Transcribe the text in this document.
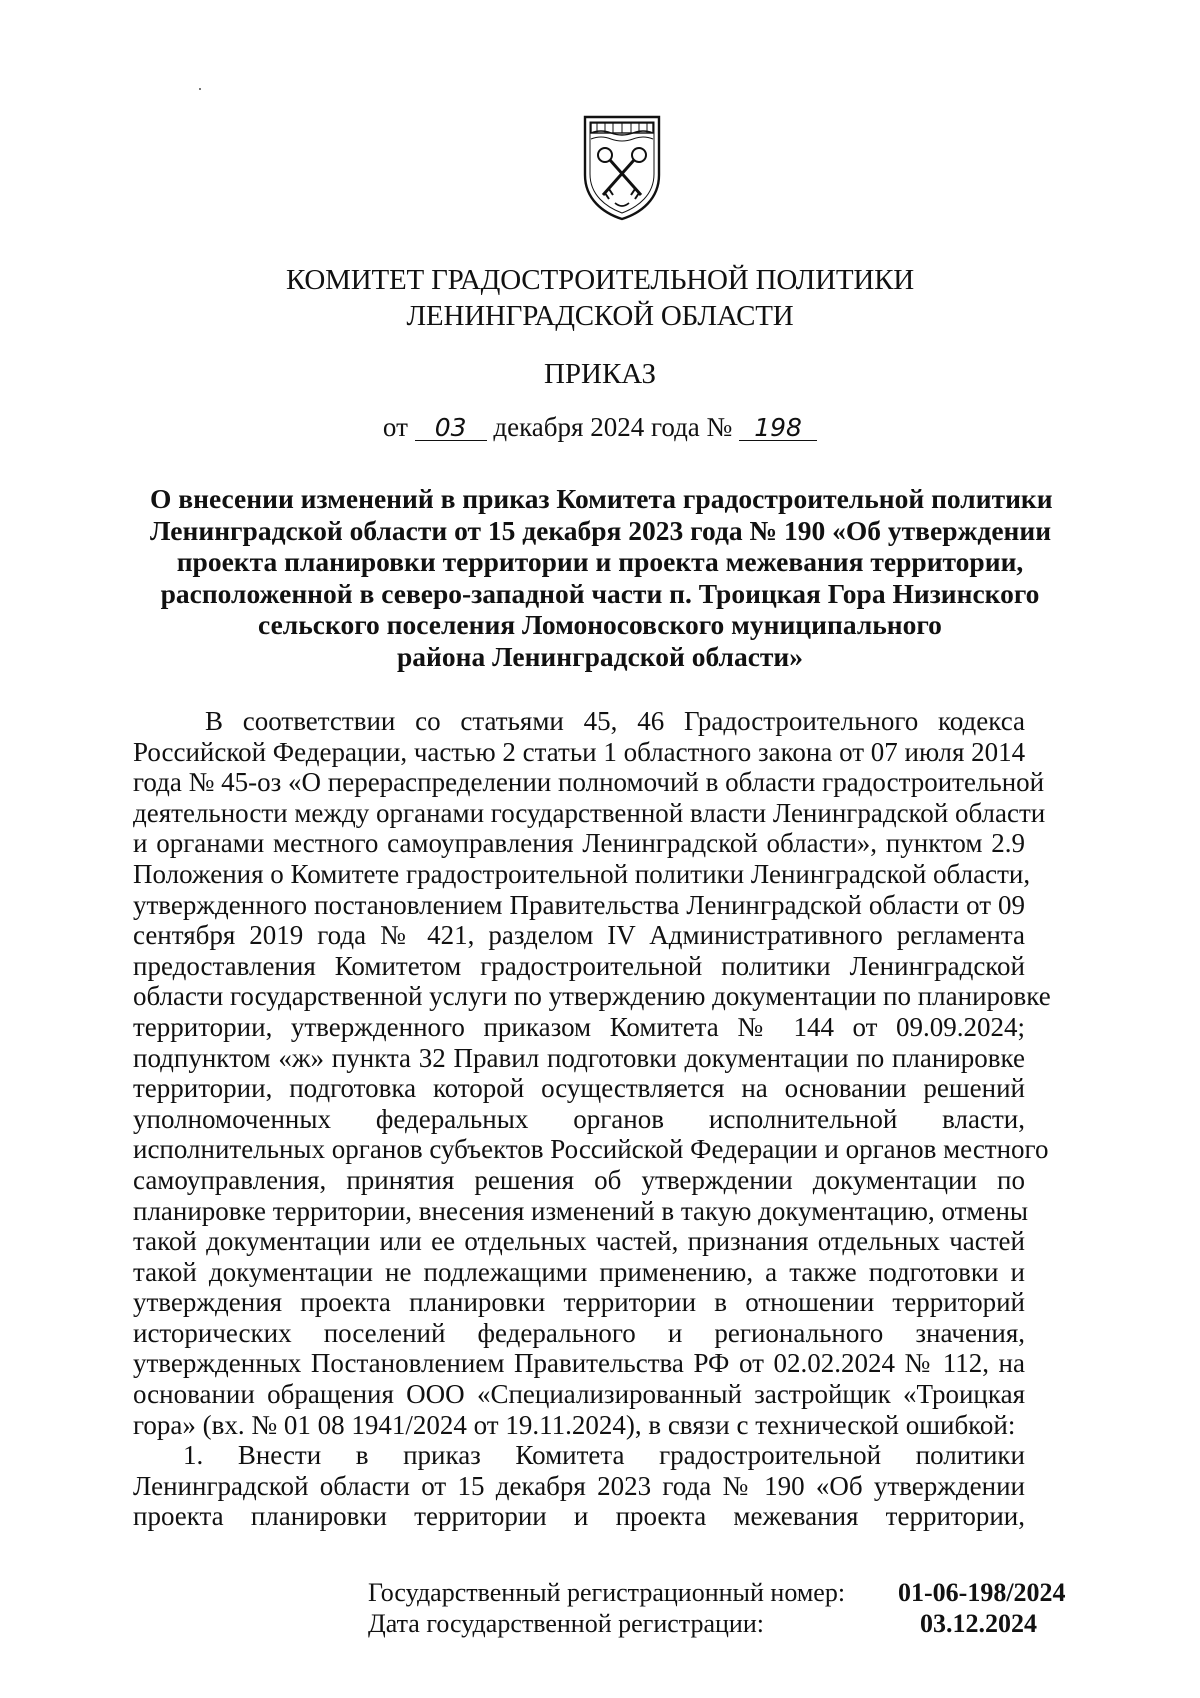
КОМИТЕТ ГРАДОСТРОИТЕЛЬНОЙ ПОЛИТИКИ
ЛЕНИНГРАДСКОЙ ОБЛАСТИ
ПРИКАЗ
от 03 декабря 2024 года № 198
О внесении изменений в приказ Комитета градостроительной политики
Ленинградской области от 15 декабря 2023 года № 190 «Об утверждении
проекта планировки территории и проекта межевания территории,
расположенной в северо-западной части п. Троицкая Гора Низинского
сельского поселения Ломоносовского муниципального
района Ленинградской области»
В соответствии со статьями 45, 46 Градостроительного кодекса
Российской Федерации, частью 2 статьи 1 областного закона от 07 июля 2014
года № 45-оз «О перераспределении полномочий в области градостроительной
деятельности между органами государственной власти Ленинградской области
и органами местного самоуправления Ленинградской области», пунктом 2.9
Положения о Комитете градостроительной политики Ленинградской области,
утвержденного постановлением Правительства Ленинградской области от 09
сентября 2019 года № 421, разделом IV Административного регламента
предоставления Комитетом градостроительной политики Ленинградской
области государственной услуги по утверждению документации по планировке
территории, утвержденного приказом Комитета № 144 от 09.09.2024;
подпунктом «ж» пункта 32 Правил подготовки документации по планировке
территории, подготовка которой осуществляется на основании решений
уполномоченных федеральных органов исполнительной власти,
исполнительных органов субъектов Российской Федерации и органов местного
самоуправления, принятия решения об утверждении документации по
планировке территории, внесения изменений в такую документацию, отмены
такой документации или ее отдельных частей, признания отдельных частей
такой документации не подлежащими применению, а также подготовки и
утверждения проекта планировки территории в отношении территорий
исторических поселений федерального и регионального значения,
утвержденных Постановлением Правительства РФ от 02.02.2024 № 112, на
основании обращения ООО «Специализированный застройщик «Троицкая
гора» (вх. № 01 08 1941/2024 от 19.11.2024), в связи с технической ошибкой:
1. Внести в приказ Комитета градостроительной политики
Ленинградской области от 15 декабря 2023 года № 190 «Об утверждении
проекта планировки территории и проекта межевания территории,
Государственный регистрационный номер: 01-06-198/2024
Дата государственной регистрации:	03.12.2024
